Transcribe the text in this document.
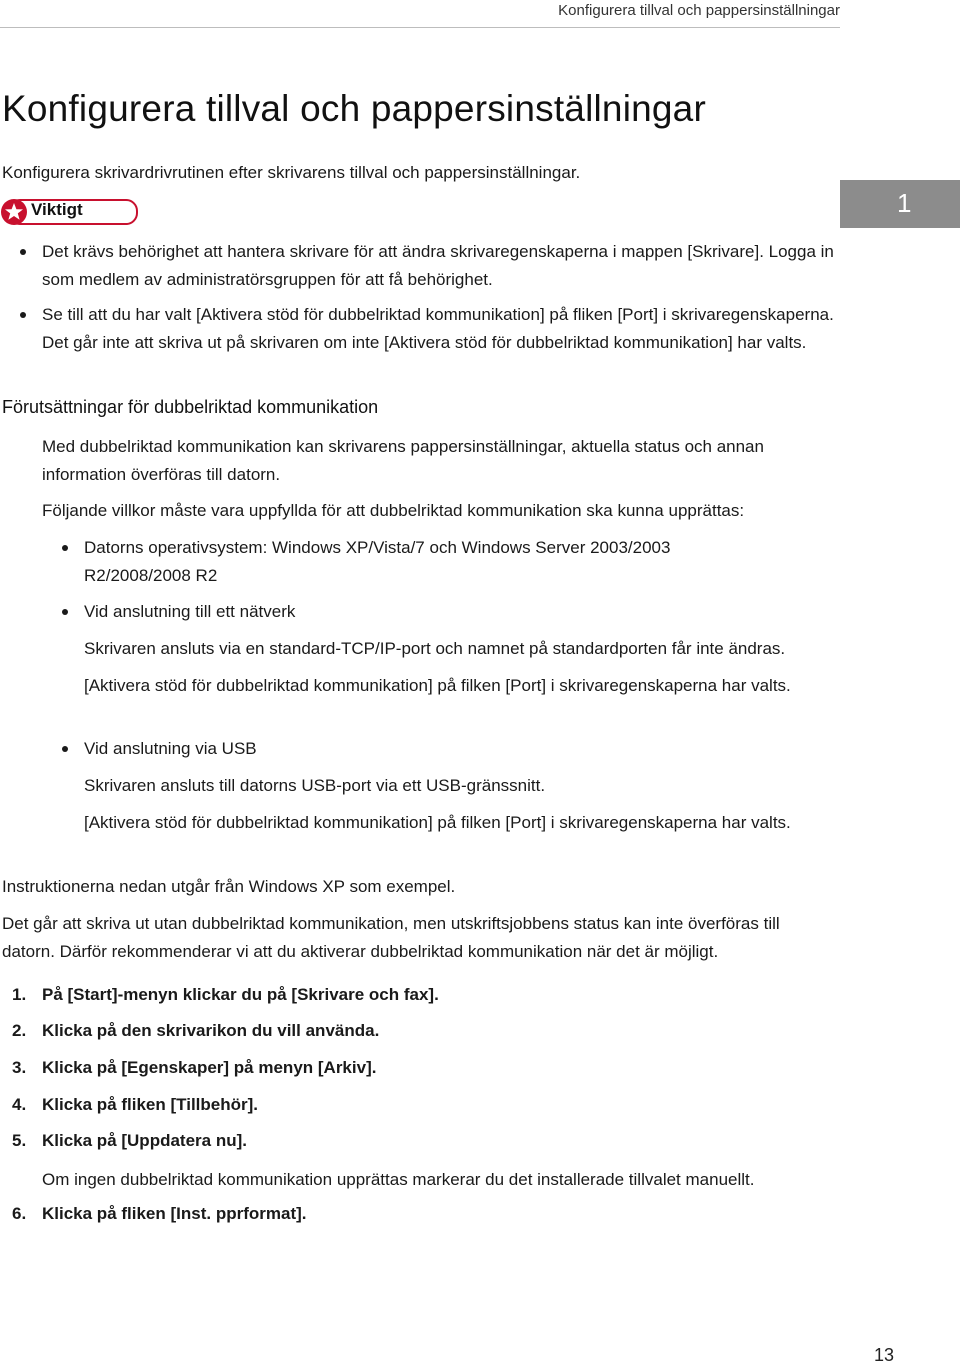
Konfigurera tillval och pappersinställningar
Konfigurera tillval och pappersinställningar
Konfigurera skrivardrivrutinen efter skrivarens tillval och pappersinställningar.
1
Viktigt
Det krävs behörighet att hantera skrivare för att ändra skrivaregenskaperna i mappen [Skrivare]. Logga in som medlem av administratörsgruppen för att få behörighet.
Se till att du har valt [Aktivera stöd för dubbelriktad kommunikation] på fliken [Port] i skrivaregenskaperna. Det går inte att skriva ut på skrivaren om inte [Aktivera stöd för dubbelriktad kommunikation] har valts.
Förutsättningar för dubbelriktad kommunikation
Med dubbelriktad kommunikation kan skrivarens pappersinställningar, aktuella status och annan information överföras till datorn.
Följande villkor måste vara uppfyllda för att dubbelriktad kommunikation ska kunna upprättas:
Datorns operativsystem: Windows XP/Vista/7 och Windows Server 2003/2003 R2/2008/2008 R2
Vid anslutning till ett nätverk
Skrivaren ansluts via en standard-TCP/IP-port och namnet på standardporten får inte ändras.
[Aktivera stöd för dubbelriktad kommunikation] på filken [Port] i skrivaregenskaperna har valts.
Vid anslutning via USB
Skrivaren ansluts till datorns USB-port via ett USB-gränssnitt.
[Aktivera stöd för dubbelriktad kommunikation] på filken [Port] i skrivaregenskaperna har valts.
Instruktionerna nedan utgår från Windows XP som exempel.
Det går att skriva ut utan dubbelriktad kommunikation, men utskriftsjobbens status kan inte överföras till datorn. Därför rekommenderar vi att du aktiverar dubbelriktad kommunikation när det är möjligt.
1. På [Start]-menyn klickar du på [Skrivare och fax].
2. Klicka på den skrivarikon du vill använda.
3. Klicka på [Egenskaper] på menyn [Arkiv].
4. Klicka på fliken [Tillbehör].
5. Klicka på [Uppdatera nu].
Om ingen dubbelriktad kommunikation upprättas markerar du det installerade tillvalet manuellt.
6. Klicka på fliken [Inst. pprformat].
13
